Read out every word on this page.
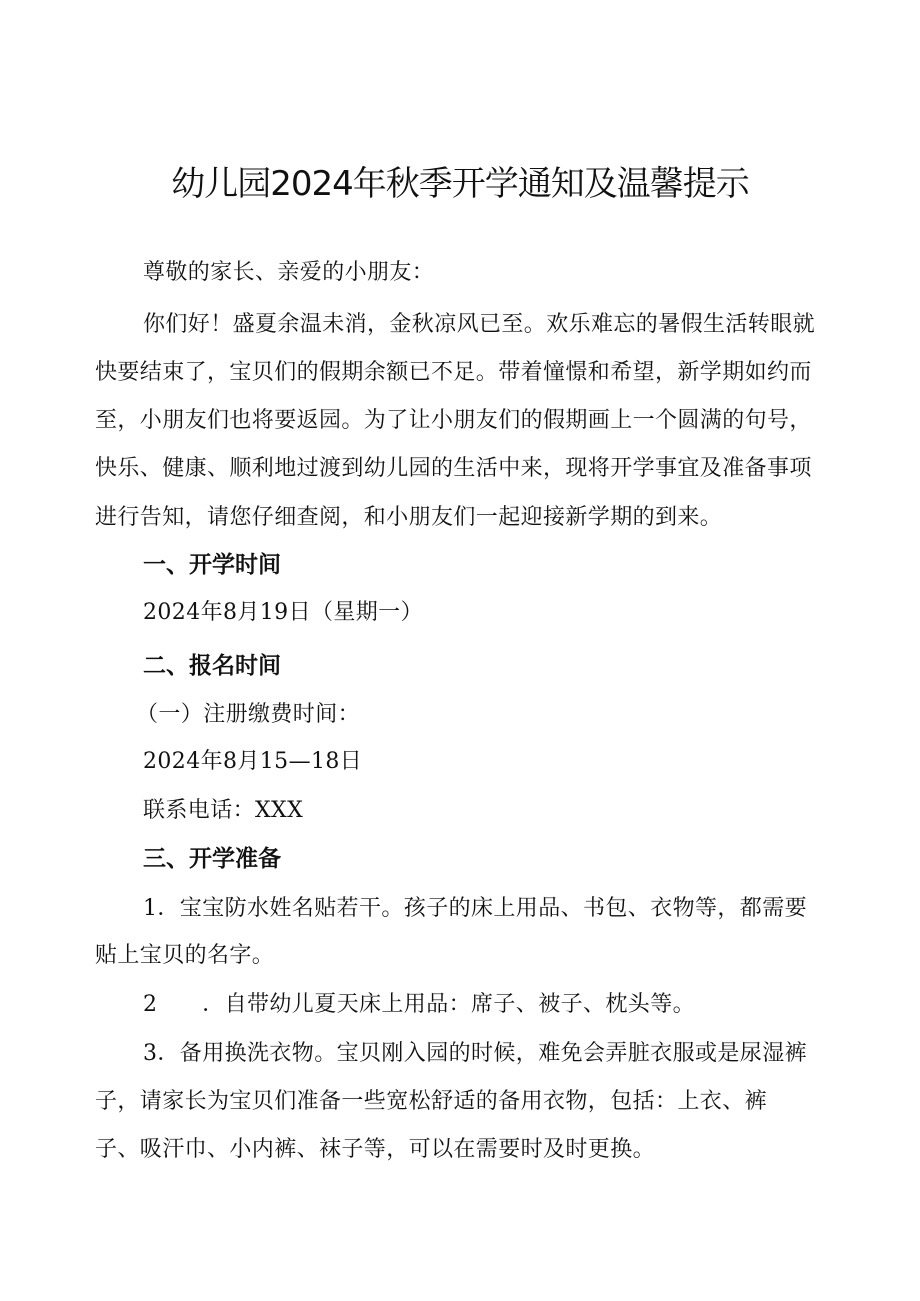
幼儿园2024年秋季开学通知及温馨提示

尊敬的家长、亲爱的小朋友：

你们好！盛夏余温未消，金秋凉风已至。欢乐难忘的暑假生活转眼就

快要结束了，宝贝们的假期余额已不足。带着憧憬和希望，新学期如约而

至，小朋友们也将要返园。为了让小朋友们的假期画上一个圆满的句号，

快乐、健康、顺利地过渡到幼儿园的生活中来，现将开学事宜及准备事项

进行告知，请您仔细查阅，和小朋友们一起迎接新学期的到来。

一、开学时间

2024年8月19日（星期一）

二、报名时间

（一）注册缴费时间：

2024年8月15—18日

联系电话：XXX

三、开学准备

1．宝宝防水姓名贴若干。孩子的床上用品、书包、衣物等，都需要

贴上宝贝的名字。

2　　．自带幼儿夏天床上用品：席子、被子、枕头等。

3．备用换洗衣物。宝贝刚入园的时候，难免会弄脏衣服或是尿湿裤

子，请家长为宝贝们准备一些宽松舒适的备用衣物，包括：上衣、裤

子、吸汗巾、小内裤、袜子等，可以在需要时及时更换。
